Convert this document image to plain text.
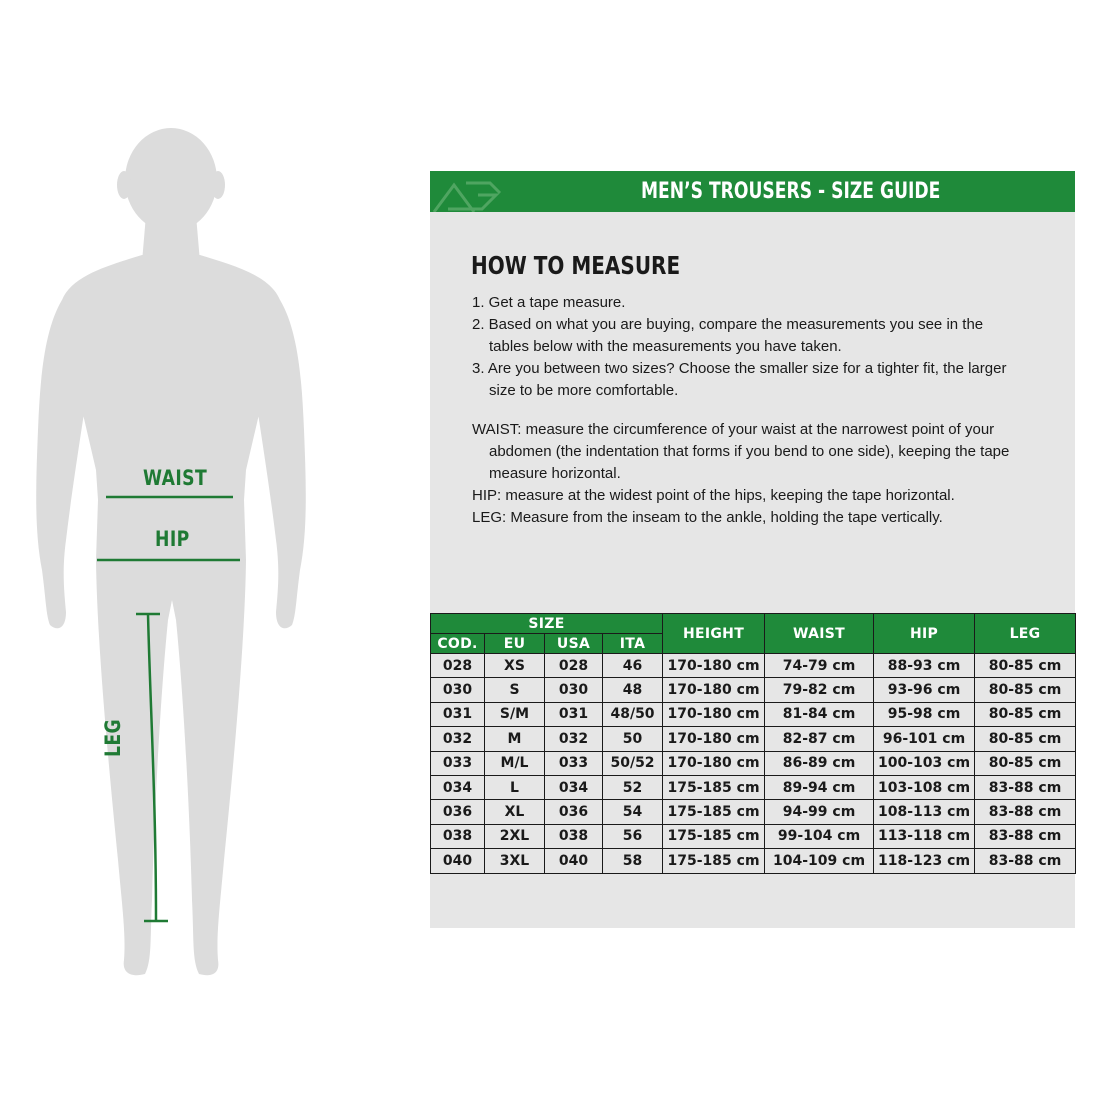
WAIST
HIP
LEG
MEN’S TROUSERS - SIZE GUIDE
HOW TO MEASURE
1. Get a tape measure.
2. Based on what you are buying, compare the measurements you see in the
tables below with the measurements you have taken.
3. Are you between two sizes? Choose the smaller size for a tighter fit, the larger
size to be more comfortable.
WAIST: measure the circumference of your waist at the narrowest point of your
abdomen (the indentation that forms if you bend to one side), keeping the tape
measure horizontal.
HIP: measure at the widest point of the hips, keeping the tape horizontal.
LEG: Measure from the inseam to the ankle, holding the tape vertically.
SIZE				HEIGHT	WAIST	HIP	LEG
COD.	EU	USA	ITA				
028	XS	028	46	170-180 cm	74-79 cm	88-93 cm	80-85 cm
030	S	030	48	170-180 cm	79-82 cm	93-96 cm	80-85 cm
031	S/M	031	48/50	170-180 cm	81-84 cm	95-98 cm	80-85 cm
032	M	032	50	170-180 cm	82-87 cm	96-101 cm	80-85 cm
033	M/L	033	50/52	170-180 cm	86-89 cm	100-103 cm	80-85 cm
034	L	034	52	175-185 cm	89-94 cm	103-108 cm	83-88 cm
036	XL	036	54	175-185 cm	94-99 cm	108-113 cm	83-88 cm
038	2XL	038	56	175-185 cm	99-104 cm	113-118 cm	83-88 cm
040	3XL	040	58	175-185 cm	104-109 cm	118-123 cm	83-88 cm
